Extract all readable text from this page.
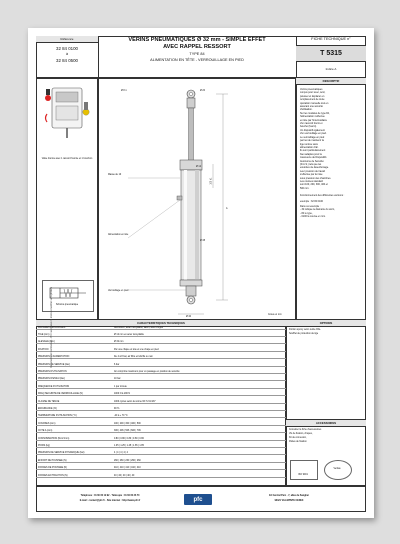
Référence
32 84 0100
à
32 84 0500
VÉRINS PNEUMATIQUES Ø 32 mm - SIMPLE EFFET
AVEC RAPPEL RESSORT
TYPE 84
ALIMENTATION EN TÊTE - VERROUILLAGE EN PIED
FICHE TECHNIQUE n°
T 5315
Indice A
Valve fournie avec 1 raccord fournie et 1 bouchon
Schéma pneumatique
Ø 8.1	Ø 20
Masse de 10
Ø 12
100 ±1
Alimentation en tête
Ø 38
A
Verrouillage en pied
Ø 40
Cotes en mm
DESCRIPTIF
Vérins pneumatiques
conçus pour lever, tenir,
pousser et déplacer en
remplacement de toute
opération manuelle tout en
assurant une sécurité
d'utilisation.
Sur les modèles de type 84,
l'alimentation s'effectue
en tête par l'intermédiaire
d'un raccord fourni et
bouché (fourni).
Un dispositif également
d'un verrouillage en pied.
Le verrouillage en pied
permet de maintenir la
tige rentrée sans
alimentation d'air.
Ils sont particulièrement
bien adaptés pour la
manœuvre de Dispositifs
Autonome de Sécurité
(D.A.S.) tels que les
exutoires de désenfumage.
Leur pression de travail
s'effectue par la mise
sous pression des chambres.
Les courses standard
sont 100, 200, 300, 400 et
500 mm.
Fonctionnement des différentes versions :
exemple : 32 84 0100
Dans cet exemple :
- 32 indique le diamètre du vérin,
- 84 le type,
- 0100 la course en mm.
CARACTERISTIQUES TECHNIQUES
MATIERES PRINCIPALES	Aluminium, acier inoxydable, laiton, acier zingué
TIGE (mm)	Ø 12 mm en acier inoxydable
ALESAGE (mm)	Ø 32 mm
FIXATION	Par une chape en tête et une chape en pied
PRESSION D'ALIMENTATION	De 4 à 8 bar, air filtré et lubrifié ou non
PRESSION DE SERVICE (bar)	6 bar
PRESSION D'UTILISATION	Air comprimé maximum pour un passage en position de sécurité
PRESSION D'ESSAI (bar)	10 bar
FREQUENCE D'UTILISATION	1 par minute
FRAQ SECURITE DE VERROUILLAGE (N)	1000 N à 200 N
CLASSE DE TENUE	1000 cycles selon la norme NF S 61-937
ENDURANCE (%)	90 %
TEMPERATURE D'UTILISATION (°C)	-20 à + 70 °C
COURSES (mm)	100 | 200 | 300 | 400 | 500
COTE A (mm)	306 | 406 | 506 | 606 | 706
CONSOMMATION (Ncm³/mm)	0.80 | 0.80 | 0.80 | 0.80 | 0.80
POIDS (kg)	1.05 | 1.25 | 1.45 | 1.65 | 1.85
PRESSION DE SERVICE DYNAMIQUE (bar)	4 | 4 | 4 | 4 | 4
EFFORT DE POUSSEE (N)	260 | 260 | 260 | 260 | 260
FORCES DE POUSSEE (N)	410 | 410 | 410 | 410 | 410
FORCES EN TRACTION (N)	40 | 40 | 40 | 40 | 40
OPTIONS
Finition époxy selon teinte RAL
Soufflet de protection de tige
ACCESSOIRES
Consulter la fiche d'accessoires
Vis de fixation, chapes,
Kit de connexion,
Pattes de fixation
ISO 9001
Veritas
Téléphone : 01 60 60 19 92 - Télécopie : 01 60 60 26 70
E-mail : contact@pfc.fr - Site internet : http://www.pfc.fr	pfc
ZA Central Parc - 7, allée du Sanglier
93421 VILLEPINTE CEDEX
Document non contractuel - PFC se réserve le droit de modifier sans préavis
